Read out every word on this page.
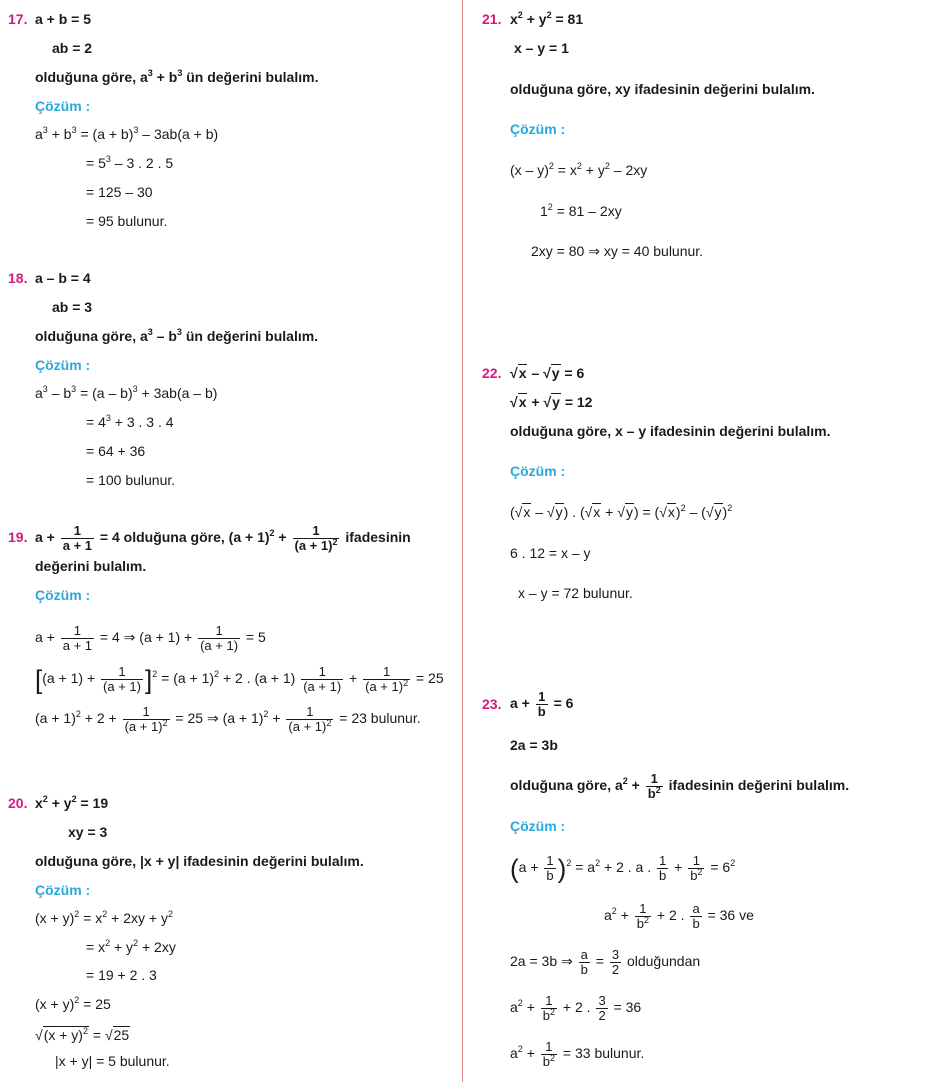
17. a + b = 5
ab = 2
olduğuna göre, $a^3 + b^3$ ün değerini bulalım.
Çözüm :
$a^3 + b^3 = (a + b)^3 - 3ab(a + b)$
= $5^3 - 3$ . 2 . 5
= 125 – 30
= 95 bulunur.
18. a – b = 4
ab = 3
olduğuna göre, $a^3 - b^3$ ün değerini bulalım.
Çözüm :
$a^3 - b^3 = (a - b)^3 + 3ab(a - b)$
= $4^3 + 3$ . 3 . 4
= 64 + 36
= 100 bulunur.
19. $a + \frac{1}{a + 1} = 4$ olduğuna göre, $(a + 1)^2 + \frac{1}{(a + 1)^2}$ ifadesinin
değerini bulalım.
Çözüm :
$a + \frac{1}{a + 1} = 4$ ⇒ $(a + 1) + \frac{1}{(a + 1)} = 5$
$[(a + 1) + \frac{1}{(a + 1)} ]^2 = (a + 1)^2 + 2$ . $(a + 1) \frac{1}{(a + 1)} + \frac{1}{(a + 1)^2} = 25$
$(a + 1)^2 + 2 + \frac{1}{(a + 1)^2} = 25$ ⇒ $(a + 1)^2 + \frac{1}{(a + 1)^2} = 23$ bulunur.
20. $x^2 + y^2 = 19$
xy = 3
olduğuna göre, |x + y| ifadesinin değerini bulalım.
Çözüm :
$(x + y)^2 = x^2 + 2xy + y^2$
= $x^2 + y^2 + 2xy$
= 19 + 2 . 3
$(x + y)^2 = 25$
$√(x + y)^2 = √25$
|x + y| = 5 bulunur.
21. $x^2 + y^2 = 81$
x – y = 1
olduğuna göre, xy ifadesinin değerini bulalım.
Çözüm :
$(x - y)^2 = x^2 + y^2 - 2xy$
$1^2 = 81 - 2xy$
2xy = 80 ⇒ xy = 40 bulunur.
22. √x – √y = 6
√x + √y = 12
olduğuna göre, x – y ifadesinin değerini bulalım.
Çözüm :
(√x – √y) . $(√x + √y) = (√x)^2 - (√y)^2$
6 . 12 = x – y
x – y = 72 bulunur.
23. $a + \frac{1}{b} = 6$
2a = 3b
olduğuna göre, $a^2 + \frac{1}{b^2}$ ifadesinin değerini bulalım.
Çözüm :
$(a + \frac{1}{b} )^2 = a^2 + 2$ . a . $\frac{1}{b} + \frac{1}{b^2} = 6^2$
$a^2 + \frac{1}{b^2} + 2$ . $\frac{a}{b} = 36$ ve
2a = 3b ⇒ $\frac{a}{b} = \frac{3}{2}$ olduğundan
$a^2 + \frac{1}{b^2} + 2$ . $\frac{3}{2} = 36$
$a^2 + \frac{1}{b^2} = 33$ bulunur.
